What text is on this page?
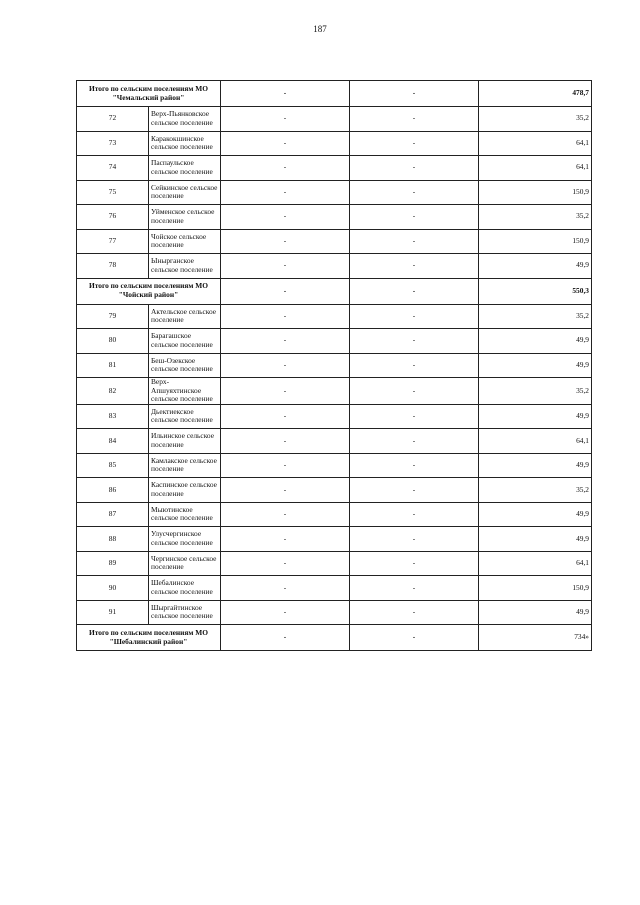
187
Итого по сельским поселениям МО "Чемальский район"		-	-	478,7
72	Верх-Пьянковское сельское поселение	-	-	35,2
73	Каракокшинское сельское поселение	-	-	64,1
74	Паспаульское сельское поселение	-	-	64,1
75	Сейкинское сельское поселение	-	-	150,9
76	Уйменское сельское поселение	-	-	35,2
77	Чойское сельское поселение	-	-	150,9
78	Ынырганское сельское поселение	-	-	49,9
Итого по сельским поселениям МО "Чойский район"		-	-	550,3
79	Актельское сельское поселение	-	-	35,2
80	Барагашское сельское поселение	-	-	49,9
81	Беш-Озекское сельское поселение	-	-	49,9
82	Верх-Апшуяхтинское сельское поселение	-	-	35,2
83	Дьектиекское сельское поселение	-	-	49,9
84	Ильинское сельское поселение	-	-	64,1
85	Камлакское сельское поселение	-	-	49,9
86	Каспинское сельское поселение	-	-	35,2
87	Мыютинское сельское поселение	-	-	49,9
88	Улусчергинское сельское поселение	-	-	49,9
89	Чергинское сельское поселение	-	-	64,1
90	Шебалинское сельское поселение	-	-	150,9
91	Шыргайтинское сельское поселение	-	-	49,9
Итого по сельским поселениям МО "Шебалинский район"		-	-	734»
